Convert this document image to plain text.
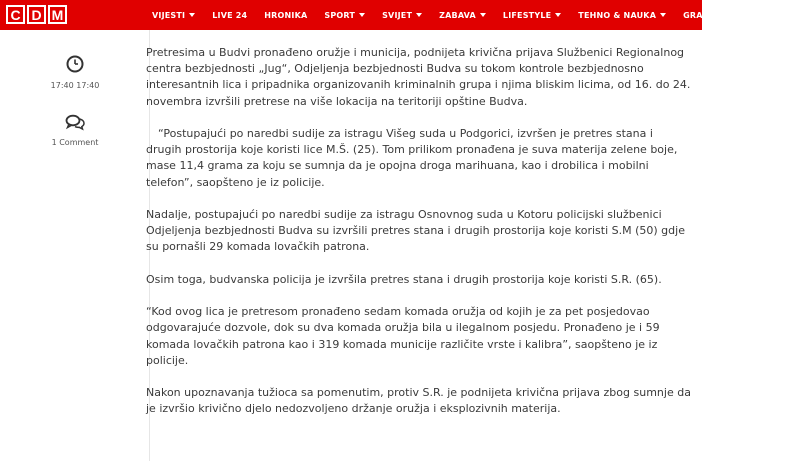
C D M	VIJESTI	LIVE 24 HRONIKA SPORT	SVIJET	ZABAVA	LIFESTYLE	TEHNO & NAUKA	GRAD AUTO-MOTO
17:40 17:40
1 Comment

Pretresima u Budvi pronađeno oružje i municija, podnijeta krivična prijava Službenici Regionalnog centra bezbjednosti „Jug“, Odjeljenja bezbjednosti Budva su tokom kontrole bezbjednosno interesantnih lica i pripadnika organizovanih kriminalnih grupa i njima bliskim licima, od 16. do 24. novembra izvršili pretrese na više lokacija na teritoriji opštine Budva.

“Postupajući po naredbi sudije za istragu Višeg suda u Podgorici, izvršen je pretres stana i drugih prostorija koje koristi lice M.Š. (25). Tom prilikom pronađena je suva materija zelene boje, mase 11,4 grama za koju se sumnja da je opojna droga marihuana, kao i drobilica i mobilni telefon”, saopšteno je iz policije.

Nadalje, postupajući po naredbi sudije za istragu Osnovnog suda u Kotoru policijski službenici Odjeljenja bezbjednosti Budva su izvršili pretres stana i drugih prostorija koje koristi S.M (50) gdje su pornašli 29 komada lovačkih patrona.

Osim toga, budvanska policija je izvršila pretres stana i drugih prostorija koje koristi S.R. (65).

“Kod ovog lica je pretresom pronađeno sedam komada oružja od kojih je za pet posjedovao odgovarajuće dozvole, dok su dva komada oružja bila u ilegalnom posjedu. Pronađeno je i 59 komada lovačkih patrona kao i 319 komada municije različite vrste i kalibra”, saopšteno je iz policije.

Nakon upoznavanja tužioca sa pomenutim, protiv S.R. je podnijeta krivična prijava zbog sumnje da je izvršio krivično djelo nedozvoljeno držanje oružja i eksplozivnih materija.
